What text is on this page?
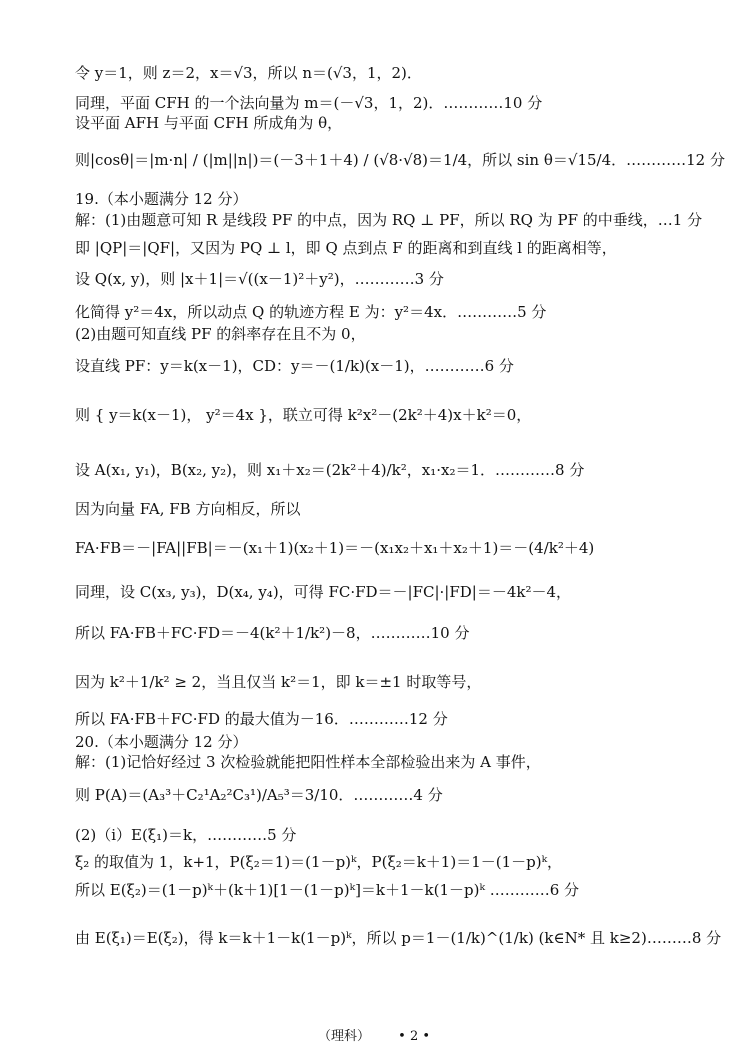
令 y＝1，则 z＝2，x＝√3，所以 n＝(√3，1，2)．
同理，平面 CFH 的一个法向量为 m＝(－√3，1，2)．…………10 分
设平面 AFH 与平面 CFH 所成角为 θ，
则|cosθ|＝|m·n| / (|m||n|)＝(－3＋1＋4) / (√8·√8)＝1/4，所以 sin θ＝√15/4．…………12 分
19.（本小题满分 12 分）
解：(1)由题意可知 R 是线段 PF 的中点，因为 RQ ⊥ PF，所以 RQ 为 PF 的中垂线，…1 分
即 |QP|＝|QF|，又因为 PQ ⊥ l，即 Q 点到点 F 的距离和到直线 l 的距离相等，
设 Q(x, y)，则 |x＋1|＝√((x－1)²＋y²)，…………3 分
化简得 y²＝4x，所以动点 Q 的轨迹方程 E 为：y²＝4x．…………5 分
(2)由题可知直线 PF 的斜率存在且不为 0，
设直线 PF：y＝k(x－1)，CD：y＝－(1/k)(x－1)，…………6 分
则 { y＝k(x－1)， y²＝4x }，联立可得 k²x²－(2k²＋4)x＋k²＝0，
设 A(x₁, y₁)，B(x₂, y₂)，则 x₁＋x₂＝(2k²＋4)/k²，x₁·x₂＝1．…………8 分
因为向量 FA, FB 方向相反，所以
FA·FB＝－|FA||FB|＝－(x₁＋1)(x₂＋1)＝－(x₁x₂＋x₁＋x₂＋1)＝－(4/k²＋4)
同理，设 C(x₃, y₃)，D(x₄, y₄)，可得 FC·FD＝－|FC|·|FD|＝－4k²－4，
所以 FA·FB＋FC·FD＝－4(k²＋1/k²)－8，…………10 分
因为 k²＋1/k² ≥ 2，当且仅当 k²＝1，即 k＝±1 时取等号，
所以 FA·FB＋FC·FD 的最大值为－16．…………12 分
20.（本小题满分 12 分）
解：(1)记恰好经过 3 次检验就能把阳性样本全部检验出来为 A 事件，
则 P(A)＝(A₃³＋C₂¹A₂²C₃¹)/A₅³＝3/10．…………4 分
(2)（i）E(ξ₁)＝k，…………5 分
ξ₂ 的取值为 1，k+1，P(ξ₂＝1)＝(1－p)ᵏ，P(ξ₂＝k＋1)＝1－(1－p)ᵏ，
所以 E(ξ₂)＝(1－p)ᵏ＋(k＋1)[1－(1－p)ᵏ]＝k＋1－k(1－p)ᵏ …………6 分
由 E(ξ₁)＝E(ξ₂)，得 k＝k＋1－k(1－p)ᵏ，所以 p＝1－(1/k)^(1/k) (k∈N* 且 k≥2)………8 分
（理科） • 2 •
